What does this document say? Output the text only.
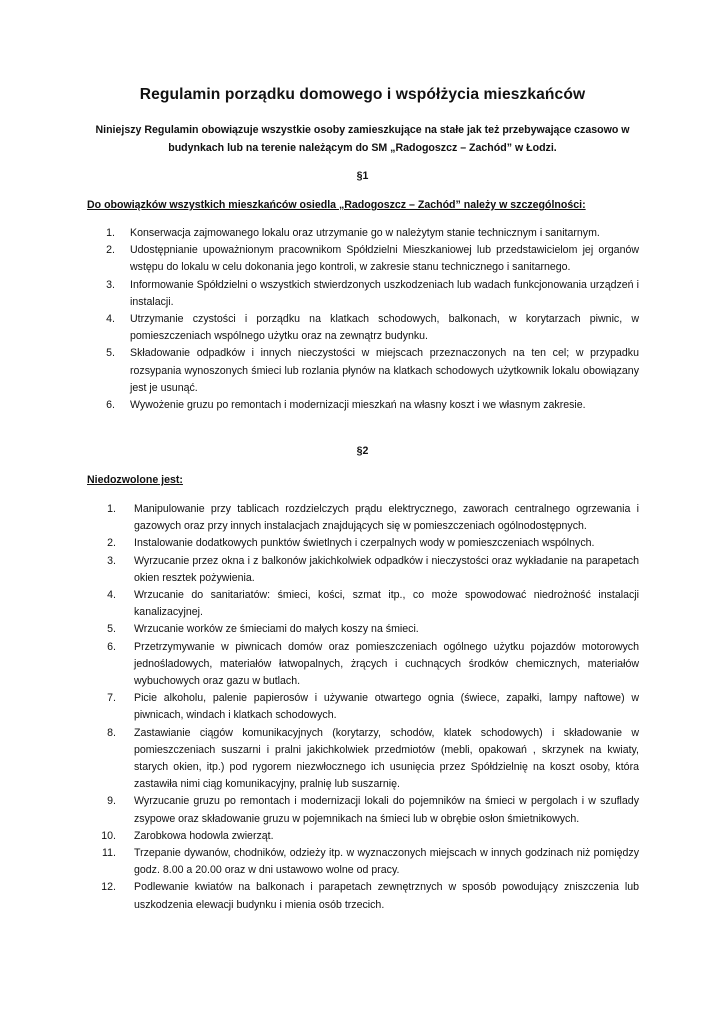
Regulamin porządku domowego i współżycia mieszkańców
Niniejszy Regulamin obowiązuje wszystkie osoby zamieszkujące na stałe jak też przebywające czasowo w budynkach lub na terenie należącym do SM „Radogoszcz – Zachód” w Łodzi.
§1
Do obowiązków wszystkich mieszkańców osiedla „Radogoszcz – Zachód” należy w szczególności:
1. Konserwacja zajmowanego lokalu oraz utrzymanie go w należytym stanie technicznym i sanitarnym.
2. Udostępnianie upoważnionym pracownikom Spółdzielni Mieszkaniowej lub przedstawicielom jej organów wstępu do lokalu w celu dokonania jego kontroli, w zakresie stanu technicznego i sanitarnego.
3. Informowanie Spółdzielni o wszystkich stwierdzonych uszkodzeniach lub wadach funkcjonowania urządzeń i instalacji.
4. Utrzymanie czystości i porządku na klatkach schodowych, balkonach, w korytarzach piwnic, w pomieszczeniach wspólnego użytku oraz na zewnątrz budynku.
5. Składowanie odpadków i innych nieczystości w miejscach przeznaczonych na ten cel; w przypadku rozsypania wynoszonych śmieci lub rozlania płynów na klatkach schodowych użytkownik lokalu obowiązany jest je usunąć.
6. Wywożenie gruzu po remontach i modernizacji mieszkań na własny koszt i we własnym zakresie.
§2
Niedozwolone jest:
1. Manipulowanie przy tablicach rozdzielczych prądu elektrycznego, zaworach centralnego ogrzewania i gazowych oraz przy innych instalacjach znajdujących się w pomieszczeniach ogólnodostępnych.
2. Instalowanie dodatkowych punktów świetlnych i czerpalnych wody w pomieszczeniach wspólnych.
3. Wyrzucanie przez okna i z balkonów jakichkolwiek odpadków i nieczystości oraz wykładanie na parapetach okien resztek pożywienia.
4. Wrzucanie do sanitariatów: śmieci, kości, szmat itp., co może spowodować niedrożność instalacji kanalizacyjnej.
5. Wrzucanie worków ze śmieciami do małych koszy na śmieci.
6. Przetrzymywanie w piwnicach domów oraz pomieszczeniach ogólnego użytku pojazdów motorowych jednośladowych, materiałów łatwopalnych, żrących i cuchnących środków chemicznych, materiałów wybuchowych oraz gazu w butlach.
7. Picie alkoholu, palenie papierosów i używanie otwartego ognia (świece, zapałki, lampy naftowe) w piwnicach, windach i klatkach schodowych.
8. Zastawianie ciągów komunikacyjnych (korytarzy, schodów, klatek schodowych) i składowanie w pomieszczeniach suszarni i pralni jakichkolwiek przedmiotów (mebli, opakowań , skrzynek na kwiaty, starych okien, itp.) pod rygorem niezwłocznego ich usunięcia przez Spółdzielnię na koszt osoby, która zastawiła nimi ciąg komunikacyjny, pralnię lub suszarnię.
9. Wyrzucanie gruzu po remontach i modernizacji lokali do pojemników na śmieci w pergolach i w szuflady zsypowe oraz składowanie gruzu w pojemnikach na śmieci lub w obrębie osłon śmietnikowych.
10. Zarobkowa hodowla zwierząt.
11. Trzepanie dywanów, chodników, odzieży itp. w wyznaczonych miejscach w innych godzinach niż pomiędzy godz. 8.00 a 20.00 oraz w dni ustawowo wolne od pracy.
12. Podlewanie kwiatów na balkonach i parapetach zewnętrznych w sposób powodujący zniszczenia lub uszkodzenia elewacji budynku i mienia osób trzecich.
